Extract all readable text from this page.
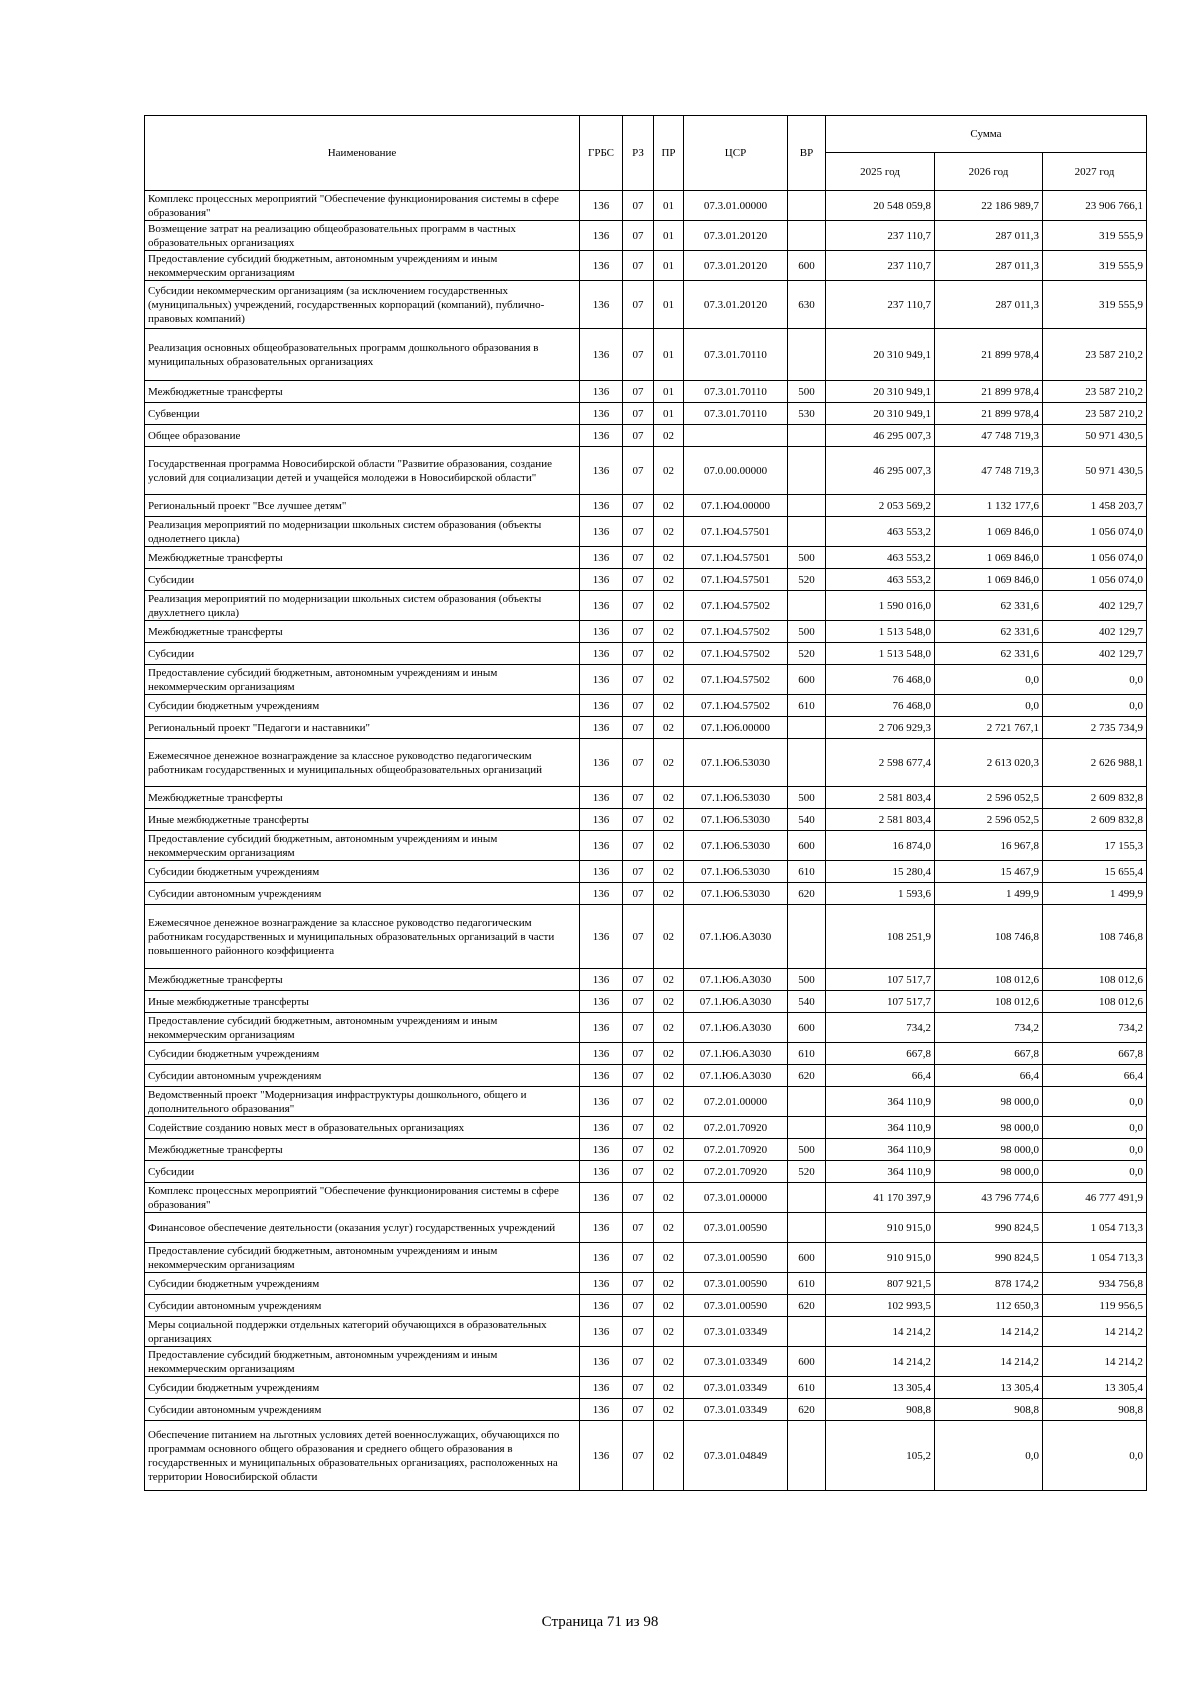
Наименование	ГРБС	РЗ	ПР	ЦСР	ВР	Сумма		
						2025 год	2026 год	2027 год
Комплекс процессных мероприятий "Обеспечение функционирования системы в сфере образования"	136	07	01	07.3.01.00000		20 548 059,8	22 186 989,7	23 906 766,1
Возмещение затрат на реализацию общеобразовательных программ в частных образовательных организациях	136	07	01	07.3.01.20120		237 110,7	287 011,3	319 555,9
Предоставление субсидий бюджетным, автономным учреждениям и иным некоммерческим организациям	136	07	01	07.3.01.20120	600	237 110,7	287 011,3	319 555,9
Субсидии некоммерческим организациям (за исключением государственных (муниципальных) учреждений, государственных корпораций (компаний), публично-правовых компаний)	136	07	01	07.3.01.20120	630	237 110,7	287 011,3	319 555,9
Реализация основных общеобразовательных программ дошкольного образования в муниципальных образовательных организациях	136	07	01	07.3.01.70110		20 310 949,1	21 899 978,4	23 587 210,2
Межбюджетные трансферты	136	07	01	07.3.01.70110	500	20 310 949,1	21 899 978,4	23 587 210,2
Субвенции	136	07	01	07.3.01.70110	530	20 310 949,1	21 899 978,4	23 587 210,2
Общее образование	136	07	02			46 295 007,3	47 748 719,3	50 971 430,5
Государственная программа Новосибирской области "Развитие образования, создание условий для социализации детей и учащейся молодежи в Новосибирской области"	136	07	02	07.0.00.00000		46 295 007,3	47 748 719,3	50 971 430,5
Региональный проект "Все лучшее детям"	136	07	02	07.1.Ю4.00000		2 053 569,2	1 132 177,6	1 458 203,7
Реализация мероприятий по модернизации школьных систем образования (объекты однолетнего цикла)	136	07	02	07.1.Ю4.57501		463 553,2	1 069 846,0	1 056 074,0
Межбюджетные трансферты	136	07	02	07.1.Ю4.57501	500	463 553,2	1 069 846,0	1 056 074,0
Субсидии	136	07	02	07.1.Ю4.57501	520	463 553,2	1 069 846,0	1 056 074,0
Реализация мероприятий по модернизации школьных систем образования (объекты двухлетнего цикла)	136	07	02	07.1.Ю4.57502		1 590 016,0	62 331,6	402 129,7
Межбюджетные трансферты	136	07	02	07.1.Ю4.57502	500	1 513 548,0	62 331,6	402 129,7
Субсидии	136	07	02	07.1.Ю4.57502	520	1 513 548,0	62 331,6	402 129,7
Предоставление субсидий бюджетным, автономным учреждениям и иным некоммерческим организациям	136	07	02	07.1.Ю4.57502	600	76 468,0	0,0	0,0
Субсидии бюджетным учреждениям	136	07	02	07.1.Ю4.57502	610	76 468,0	0,0	0,0
Региональный проект "Педагоги и наставники"	136	07	02	07.1.Ю6.00000		2 706 929,3	2 721 767,1	2 735 734,9
Ежемесячное денежное вознаграждение за классное руководство педагогическим работникам государственных и муниципальных общеобразовательных организаций	136	07	02	07.1.Ю6.53030		2 598 677,4	2 613 020,3	2 626 988,1
Межбюджетные трансферты	136	07	02	07.1.Ю6.53030	500	2 581 803,4	2 596 052,5	2 609 832,8
Иные межбюджетные трансферты	136	07	02	07.1.Ю6.53030	540	2 581 803,4	2 596 052,5	2 609 832,8
Предоставление субсидий бюджетным, автономным учреждениям и иным некоммерческим организациям	136	07	02	07.1.Ю6.53030	600	16 874,0	16 967,8	17 155,3
Субсидии бюджетным учреждениям	136	07	02	07.1.Ю6.53030	610	15 280,4	15 467,9	15 655,4
Субсидии автономным учреждениям	136	07	02	07.1.Ю6.53030	620	1 593,6	1 499,9	1 499,9
Ежемесячное денежное вознаграждение за классное руководство педагогическим работникам государственных и муниципальных образовательных организаций в части повышенного районного коэффициента	136	07	02	07.1.Ю6.А3030		108 251,9	108 746,8	108 746,8
Межбюджетные трансферты	136	07	02	07.1.Ю6.А3030	500	107 517,7	108 012,6	108 012,6
Иные межбюджетные трансферты	136	07	02	07.1.Ю6.А3030	540	107 517,7	108 012,6	108 012,6
Предоставление субсидий бюджетным, автономным учреждениям и иным некоммерческим организациям	136	07	02	07.1.Ю6.А3030	600	734,2	734,2	734,2
Субсидии бюджетным учреждениям	136	07	02	07.1.Ю6.А3030	610	667,8	667,8	667,8
Субсидии автономным учреждениям	136	07	02	07.1.Ю6.А3030	620	66,4	66,4	66,4
Ведомственный проект "Модернизация инфраструктуры дошкольного, общего и дополнительного образования"	136	07	02	07.2.01.00000		364 110,9	98 000,0	0,0
Содействие созданию новых мест в образовательных организациях	136	07	02	07.2.01.70920		364 110,9	98 000,0	0,0
Межбюджетные трансферты	136	07	02	07.2.01.70920	500	364 110,9	98 000,0	0,0
Субсидии	136	07	02	07.2.01.70920	520	364 110,9	98 000,0	0,0
Комплекс процессных мероприятий "Обеспечение функционирования системы в сфере образования"	136	07	02	07.3.01.00000		41 170 397,9	43 796 774,6	46 777 491,9
Финансовое обеспечение деятельности (оказания услуг) государственных учреждений	136	07	02	07.3.01.00590		910 915,0	990 824,5	1 054 713,3
Предоставление субсидий бюджетным, автономным учреждениям и иным некоммерческим организациям	136	07	02	07.3.01.00590	600	910 915,0	990 824,5	1 054 713,3
Субсидии бюджетным учреждениям	136	07	02	07.3.01.00590	610	807 921,5	878 174,2	934 756,8
Субсидии автономным учреждениям	136	07	02	07.3.01.00590	620	102 993,5	112 650,3	119 956,5
Меры социальной поддержки отдельных категорий обучающихся в образовательных организациях	136	07	02	07.3.01.03349		14 214,2	14 214,2	14 214,2
Предоставление субсидий бюджетным, автономным учреждениям и иным некоммерческим организациям	136	07	02	07.3.01.03349	600	14 214,2	14 214,2	14 214,2
Субсидии бюджетным учреждениям	136	07	02	07.3.01.03349	610	13 305,4	13 305,4	13 305,4
Субсидии автономным учреждениям	136	07	02	07.3.01.03349	620	908,8	908,8	908,8
Обеспечение питанием на льготных условиях детей военнослужащих, обучающихся по программам основного общего образования и среднего общего образования в государственных и муниципальных образовательных организациях, расположенных на территории Новосибирской области	136	07	02	07.3.01.04849		105,2	0,0	0,0
Страница 71 из 98
